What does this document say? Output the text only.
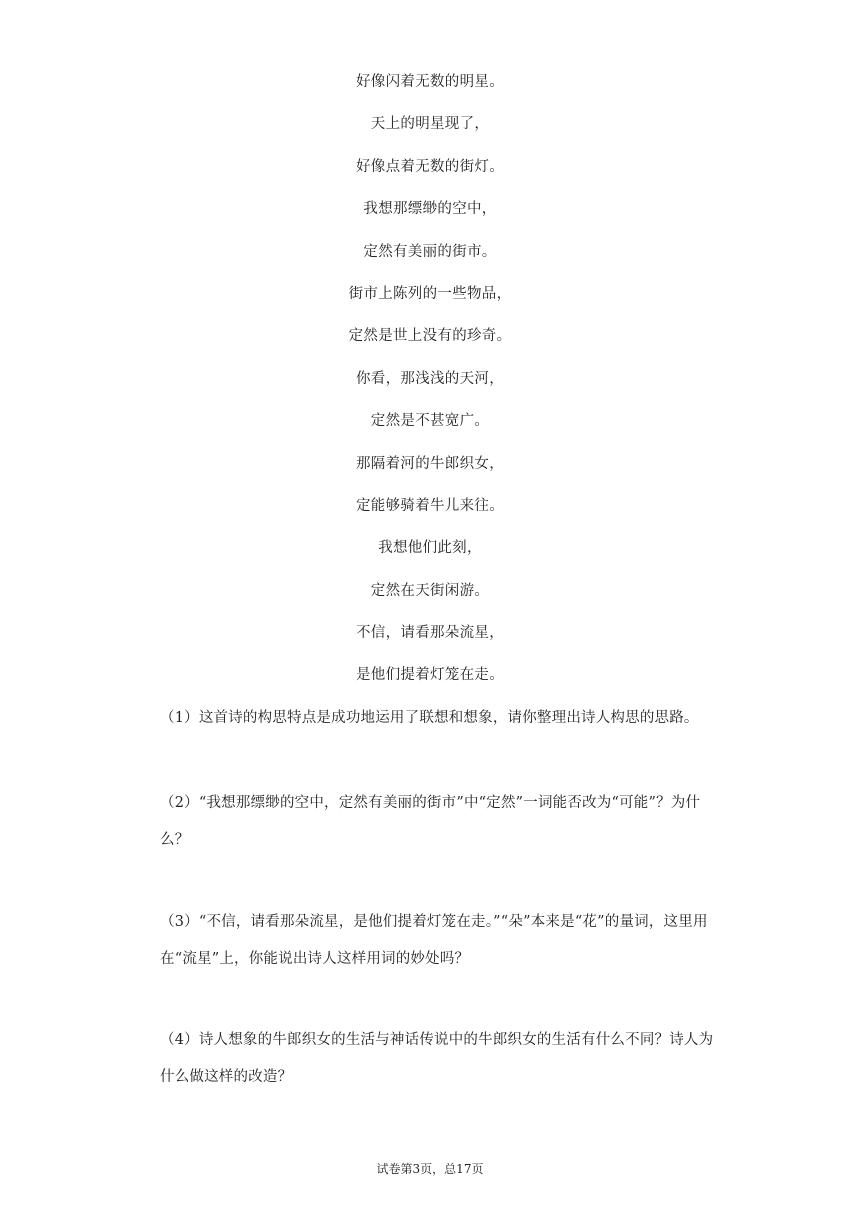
好像闪着无数的明星。
天上的明星现了，
好像点着无数的街灯。
我想那缥缈的空中，
定然有美丽的街市。
街市上陈列的一些物品，
定然是世上没有的珍奇。
你看，那浅浅的天河，
定然是不甚宽广。
那隔着河的牛郎织女，
定能够骑着牛儿来往。
我想他们此刻，
定然在天街闲游。
不信，请看那朵流星，
是他们提着灯笼在走。

（1）这首诗的构思特点是成功地运用了联想和想象，请你整理出诗人构思的思路。

（2）“我想那缥缈的空中，定然有美丽的街市”中“定然”一词能否改为“可能”？为什么？

（3）“不信，请看那朵流星，是他们提着灯笼在走。”“朵”本来是“花”的量词，这里用在“流星”上，你能说出诗人这样用词的妙处吗？

（4）诗人想象的牛郎织女的生活与神话传说中的牛郎织女的生活有什么不同？诗人为什么做这样的改造？

试卷第3页，总17页
